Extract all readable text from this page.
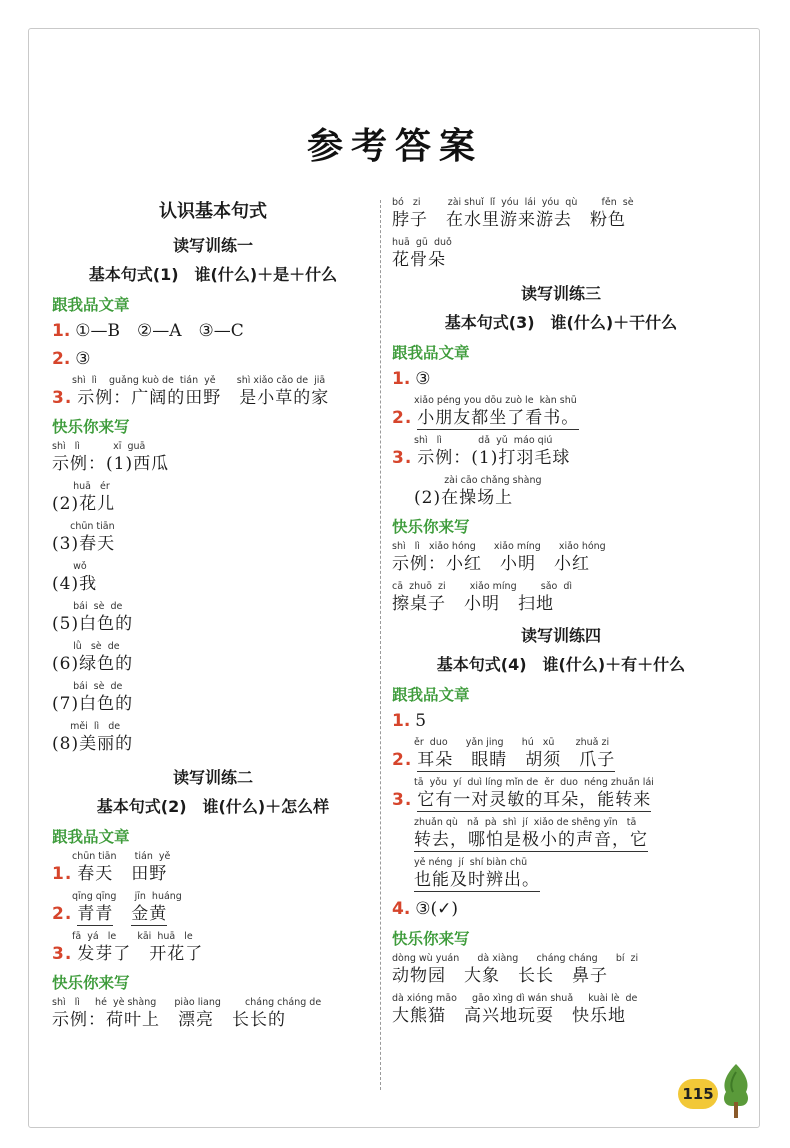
参考答案
认识基本句式
读写训练一
基本句式(1)　谁(什么)＋是＋什么
跟我品文章
1. ①—B　②—A　③—C
2. ③
shì  lì    guǎng kuò de  tián  yě       shì xiǎo cǎo de  jiā
3. 示例：广阔的田野　是小草的家
快乐你来写
shì   lì           xī  guā
示例：(1)西瓜
huā   ér
(2)花儿
chūn tiān
(3)春天
wǒ
(4)我
bái  sè  de
(5)白色的
lǜ   sè  de
(6)绿色的
bái  sè  de
(7)白色的
měi  lì   de
(8)美丽的
读写训练二
基本句式(2)　谁(什么)＋怎么样
跟我品文章
chūn tiān      tián  yě
1. 春天　田野
qīng qīng      jīn  huáng
2. 青青　 金黄
fā  yá   le       kāi  huā   le
3. 发芽了　开花了
快乐你来写
shì   lì     hé  yè shàng      piào liang        cháng cháng de
示例：荷叶上　漂亮　长长的
bó   zi         zài shuǐ  lǐ  yóu  lái  yóu  qù        fěn  sè
脖子　在水里游来游去　粉色
huā  gū  duǒ
花骨朵
读写训练三
基本句式(3)　谁(什么)＋干什么
跟我品文章
1. ③
xiǎo péng you dōu zuò le  kàn shū
2. 小朋友都坐了看书。
shì   lì            dǎ  yǔ  máo qiú
3. 示例：(1)打羽毛球
zài cāo chǎng shàng
(2)在操场上
快乐你来写
shì   lì   xiǎo hóng      xiǎo míng      xiǎo hóng
示例：小红　小明　小红
cā  zhuō  zi        xiǎo míng        sǎo  dì
擦桌子　小明　扫地
读写训练四
基本句式(4)　谁(什么)＋有＋什么
跟我品文章
1. 5
ěr  duo      yǎn jing      hú   xū       zhuǎ zi
2. 耳朵　眼睛　胡须　爪子
tā  yǒu  yí  duì líng mǐn de  ěr  duo  néng zhuǎn lái
3. 它有一对灵敏的耳朵，能转来
zhuǎn qù   nǎ  pà  shì  jí  xiǎo de shēng yīn   tā
转去，哪怕是极小的声音，它
yě néng  jí  shí biàn chū
也能及时辨出。
4. ③(✓)
快乐你来写
dòng wù yuán      dà xiàng      cháng cháng      bí  zi
动物园　大象　长长　鼻子
dà xióng māo     gāo xìng dì wán shuǎ     kuài lè  de
大熊猫　高兴地玩耍　快乐地
115
